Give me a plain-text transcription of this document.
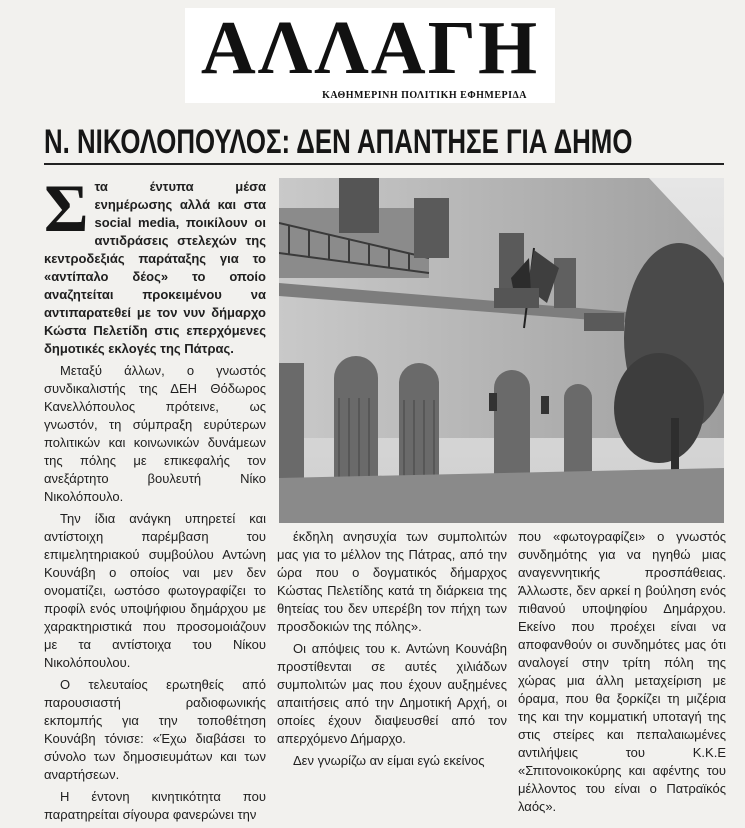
ΑΛΛΑΓΗ
ΚΑΘΗΜΕΡΙΝΗ ΠΟΛΙΤΙΚΗ ΕΦΗΜΕΡΙΔΑ
Ν. ΝΙΚΟΛΟΠΟΥΛΟΣ: ΔΕΝ ΑΠΑΝΤΗΣΕ ΓΙΑ ΔΗΜΟ
Σ τα έντυπα μέσα ενημέρωσης αλλά και στα social media, ποικίλουν οι αντιδράσεις στελεχών της κεντροδεξιάς παράταξης για το «αντίπαλο δέος» το οποίο αναζητείται προκειμένου να αντιπαρατεθεί με τον νυν δήμαρχο Κώστα Πελετίδη στις επερχόμενες δημοτικές εκλογές της Πάτρας.

Μεταξύ άλλων, ο γνωστός συνδικαλιστής της ΔΕΗ Θόδωρος Κανελλόπουλος πρότεινε, ως γνωστόν, τη σύμπραξη ευρύτερων πολιτικών και κοινωνικών δυνάμεων της πόλης με επικεφαλής τον ανεξάρτητο βουλευτή Νίκο Νικολόπουλο.

Την ίδια ανάγκη υπηρετεί και αντίστοιχη παρέμβαση του επιμελητηριακού συμβούλου Αντώνη Κουνάβη ο οποίος ναι μεν δεν ονοματίζει, ωστόσο φωτογραφίζει το προφίλ ενός υποψήφιου δημάρχου με χαρακτηριστικά που προσομοιάζουν με τα αντίστοιχα του Νίκου Νικολόπουλου.

Ο τελευταίος ερωτηθείς από παρουσιαστή ραδιοφωνικής εκπομπής για την τοποθέτηση Κουνάβη τόνισε: «Έχω διαβάσει το σύνολο των δημοσιευμάτων και των αναρτήσεων.

Η έντονη κινητικότητα που παρατηρείται σίγουρα φανερώνει την

έκδηλη ανησυχία των συμπολιτών μας για το μέλλον της Πάτρας, από την ώρα που ο δογματικός δήμαρχος Κώστας Πελετίδης κατά τη διάρκεια της θητείας του δεν υπερέβη τον πήχη των προσδοκιών της πόλης».

Οι απόψεις του κ. Αντώνη Κουνάβη προστίθενται σε αυτές χιλιάδων συμπολιτών μας που έχουν αυξημένες απαιτήσεις από την Δημοτική Αρχή, οι οποίες έχουν διαψευσθεί από τον απερχόμενο Δήμαρχο.

Δεν γνωρίζω αν είμαι εγώ εκείνος

που «φωτογραφίζει» ο γνωστός συνδημότης για να ηγηθώ μιας αναγεννητικής προσπάθειας. Άλλωστε, δεν αρκεί η βούληση ενός πιθανού υποψηφίου Δημάρχου. Εκείνο που προέχει είναι να αποφανθούν οι συνδημότες μας ότι αναλογεί στην τρίτη πόλη της χώρας μια άλλη μεταχείριση με όραμα, που θα ξορκίζει τη μιζέρια της και την κομματική υποταγή της στις στείρες και πεπαλαιωμένες αντιλήψεις του Κ.Κ.Ε «Σπιτονοικοκύρης και αφέντης του μέλλοντος του είναι ο Πατραϊκός λαός».
